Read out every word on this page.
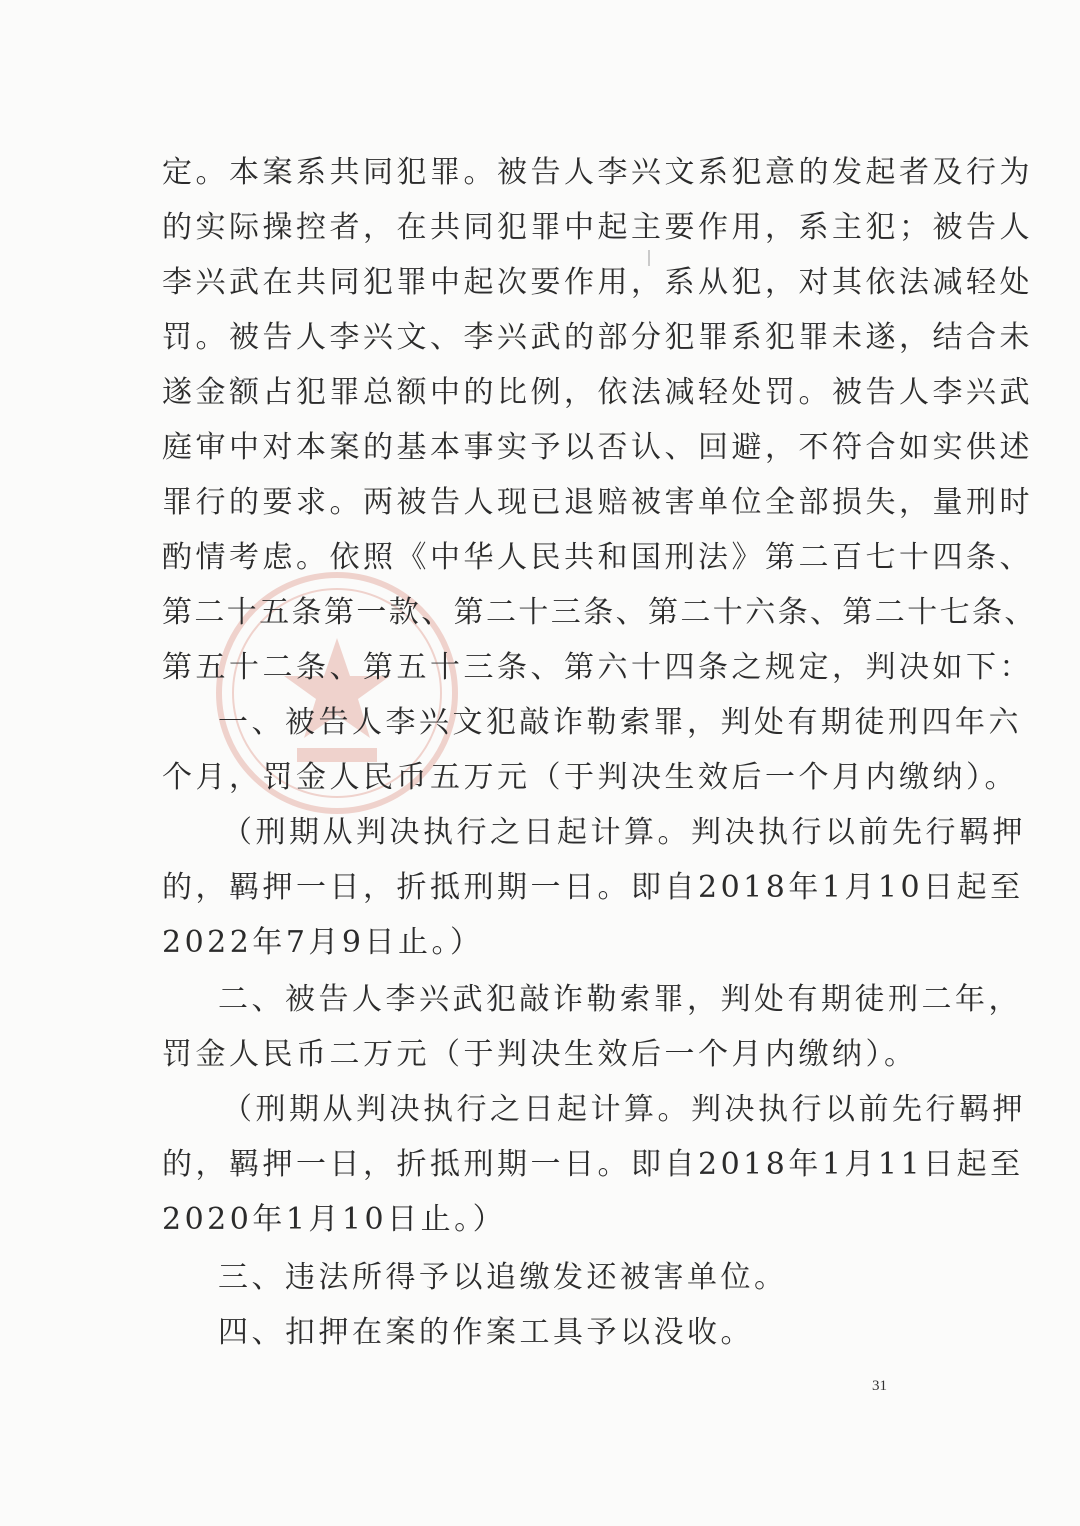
定。本案系共同犯罪。被告人李兴文系犯意的发起者及行为
的实际操控者，在共同犯罪中起主要作用，系主犯；被告人
李兴武在共同犯罪中起次要作用，系从犯，对其依法减轻处
罚。被告人李兴文、李兴武的部分犯罪系犯罪未遂，结合未
遂金额占犯罪总额中的比例，依法减轻处罚。被告人李兴武
庭审中对本案的基本事实予以否认、回避，不符合如实供述
罪行的要求。两被告人现已退赔被害单位全部损失，量刑时
酌情考虑。依照《中华人民共和国刑法》第二百七十四条、
第二十五条第一款、第二十三条、第二十六条、第二十七条、
第五十二条、第五十三条、第六十四条之规定，判决如下：
一、被告人李兴文犯敲诈勒索罪，判处有期徒刑四年六
个月，罚金人民币五万元（于判决生效后一个月内缴纳）。
（刑期从判决执行之日起计算。判决执行以前先行羁押
的，羁押一日，折抵刑期一日。即自2018年1月10日起至
2022年7月9日止。）
二、被告人李兴武犯敲诈勒索罪，判处有期徒刑二年，
罚金人民币二万元（于判决生效后一个月内缴纳）。
（刑期从判决执行之日起计算。判决执行以前先行羁押
的，羁押一日，折抵刑期一日。即自2018年1月11日起至
2020年1月10日止。）
三、违法所得予以追缴发还被害单位。
四、扣押在案的作案工具予以没收。
31
